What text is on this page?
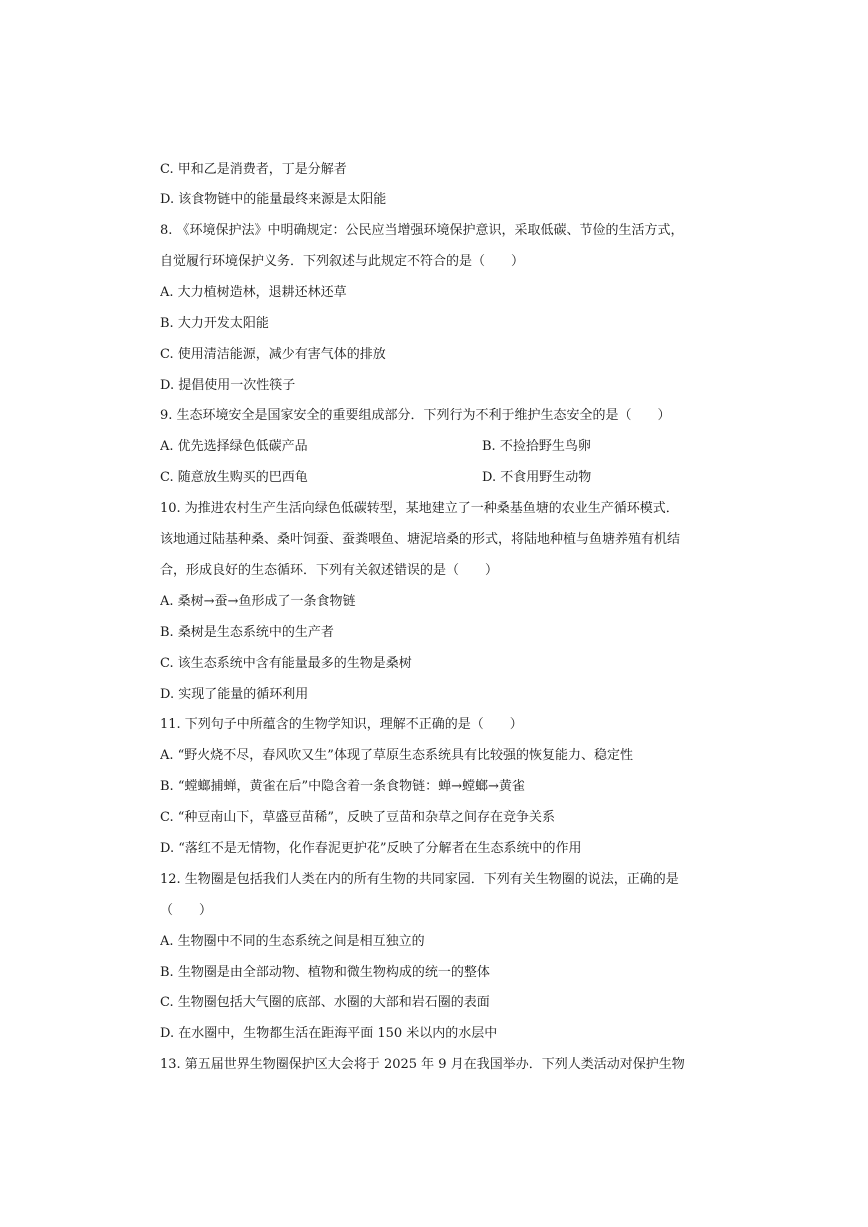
C. 甲和乙是消费者，丁是分解者
D. 该食物链中的能量最终来源是太阳能
8. 《环境保护法》中明确规定：公民应当增强环境保护意识，采取低碳、节俭的生活方式，
自觉履行环境保护义务．下列叙述与此规定不符合的是（　　）
A. 大力植树造林，退耕还林还草
B. 大力开发太阳能
C. 使用清洁能源，减少有害气体的排放
D. 提倡使用一次性筷子
9. 生态环境安全是国家安全的重要组成部分．下列行为不利于维护生态安全的是（　　）
A. 优先选择绿色低碳产品	B. 不捡拾野生鸟卵
C. 随意放生购买的巴西龟	D. 不食用野生动物
10. 为推进农村生产生活向绿色低碳转型，某地建立了一种桑基鱼塘的农业生产循环模式．
该地通过陆基种桑、桑叶饲蚕、蚕粪喂鱼、塘泥培桑的形式，将陆地种植与鱼塘养殖有机结
合，形成良好的生态循环．下列有关叙述错误的是（　　）
A. 桑树→蚕→鱼形成了一条食物链
B. 桑树是生态系统中的生产者
C. 该生态系统中含有能量最多的生物是桑树
D. 实现了能量的循环利用
11. 下列句子中所蕴含的生物学知识，理解不正确的是（　　）
A. “野火烧不尽，春风吹又生”体现了草原生态系统具有比较强的恢复能力、稳定性
B. “螳螂捕蝉，黄雀在后”中隐含着一条食物链：蝉→螳螂→黄雀
C. “种豆南山下，草盛豆苗稀”，反映了豆苗和杂草之间存在竞争关系
D. “落红不是无情物，化作春泥更护花”反映了分解者在生态系统中的作用
12. 生物圈是包括我们人类在内的所有生物的共同家园．下列有关生物圈的说法，正确的是
（　　）
A. 生物圈中不同的生态系统之间是相互独立的
B. 生物圈是由全部动物、植物和微生物构成的统一的整体
C. 生物圈包括大气圈的底部、水圈的大部和岩石圈的表面
D. 在水圈中，生物都生活在距海平面 150 米以内的水层中
13. 第五届世界生物圈保护区大会将于 2025 年 9 月在我国举办．下列人类活动对保护生物
